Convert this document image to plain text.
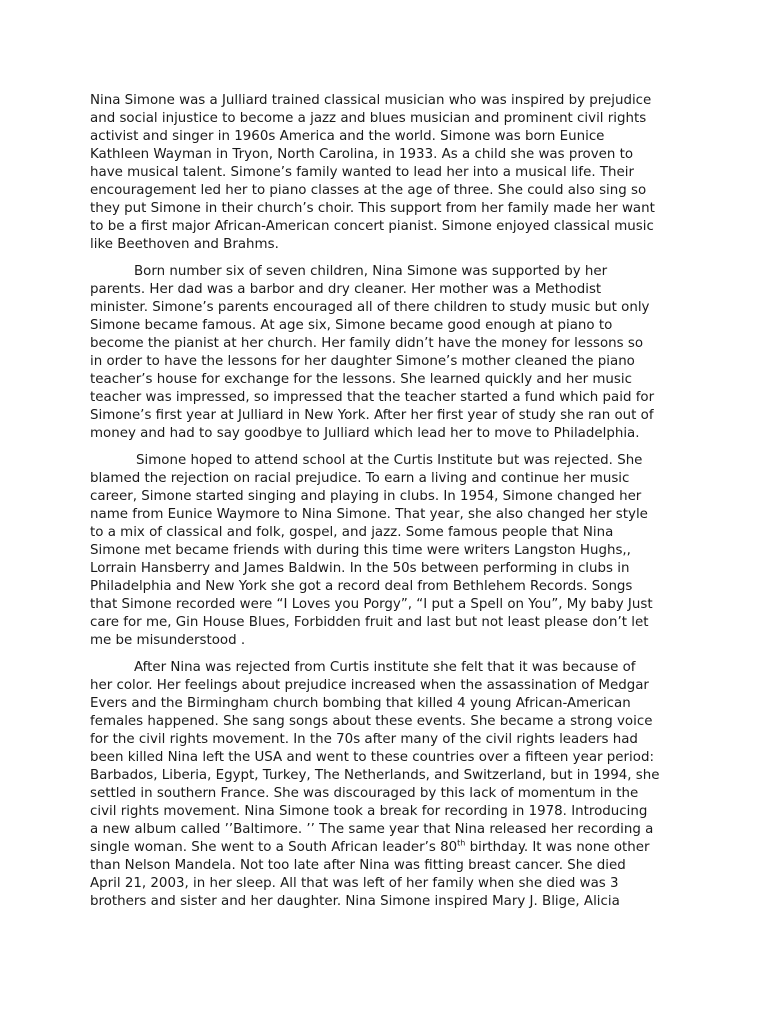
Nina Simone was a Julliard trained classical musician who was inspired by prejudice
and social injustice to become a jazz and blues musician and prominent civil rights
activist and singer in 1960s America and the world. Simone was born Eunice
Kathleen Wayman in Tryon, North Carolina, in 1933. As a child she was proven to
have musical talent. Simone’s family wanted to lead her into a musical life. Their
encouragement led her to piano classes at the age of three. She could also sing so
they put Simone in their church’s choir. This support from her family made her want
to be a first major African-American concert pianist. Simone enjoyed classical music
like Beethoven and Brahms.
Born number six of seven children, Nina Simone was supported by her
parents. Her dad was a barbor and dry cleaner. Her mother was a Methodist
minister. Simone’s parents encouraged all of there children to study music but only
Simone became famous. At age six, Simone became good enough at piano to
become the pianist at her church. Her family didn’t have the money for lessons so
in order to have the lessons for her daughter Simone’s mother cleaned the piano
teacher’s house for exchange for the lessons. She learned quickly and her music
teacher was impressed, so impressed that the teacher started a fund which paid for
Simone’s first year at Julliard in New York. After her first year of study she ran out of
money and had to say goodbye to Julliard which lead her to move to Philadelphia.
Simone hoped to attend school at the Curtis Institute but was rejected. She
blamed the rejection on racial prejudice. To earn a living and continue her music
career, Simone started singing and playing in clubs. In 1954, Simone changed her
name from Eunice Waymore to Nina Simone. That year, she also changed her style
to a mix of classical and folk, gospel, and jazz. Some famous people that Nina
Simone met became friends with during this time were writers Langston Hughs,,
Lorrain Hansberry and James Baldwin. In the 50s between performing in clubs in
Philadelphia and New York she got a record deal from Bethlehem Records. Songs
that Simone recorded were “I Loves you Porgy”, “I put a Spell on You”, My baby Just
care for me, Gin House Blues, Forbidden fruit and last but not least please don’t let
me be misunderstood .
After Nina was rejected from Curtis institute she felt that it was because of
her color. Her feelings about prejudice increased when the assassination of Medgar
Evers and the Birmingham church bombing that killed 4 young African-American
females happened. She sang songs about these events. She became a strong voice
for the civil rights movement. In the 70s after many of the civil rights leaders had
been killed Nina left the USA and went to these countries over a fifteen year period:
Barbados, Liberia, Egypt, Turkey, The Netherlands, and Switzerland, but in 1994, she
settled in southern France. She was discouraged by this lack of momentum in the
civil rights movement. Nina Simone took a break for recording in 1978. Introducing
a new album called ’’Baltimore. ’’ The same year that Nina released her recording a
single woman. She went to a South African leader’s 80th birthday. It was none other
than Nelson Mandela. Not too late after Nina was fitting breast cancer. She died
April 21, 2003, in her sleep. All that was left of her family when she died was 3
brothers and sister and her daughter. Nina Simone inspired Mary J. Blige, Alicia
